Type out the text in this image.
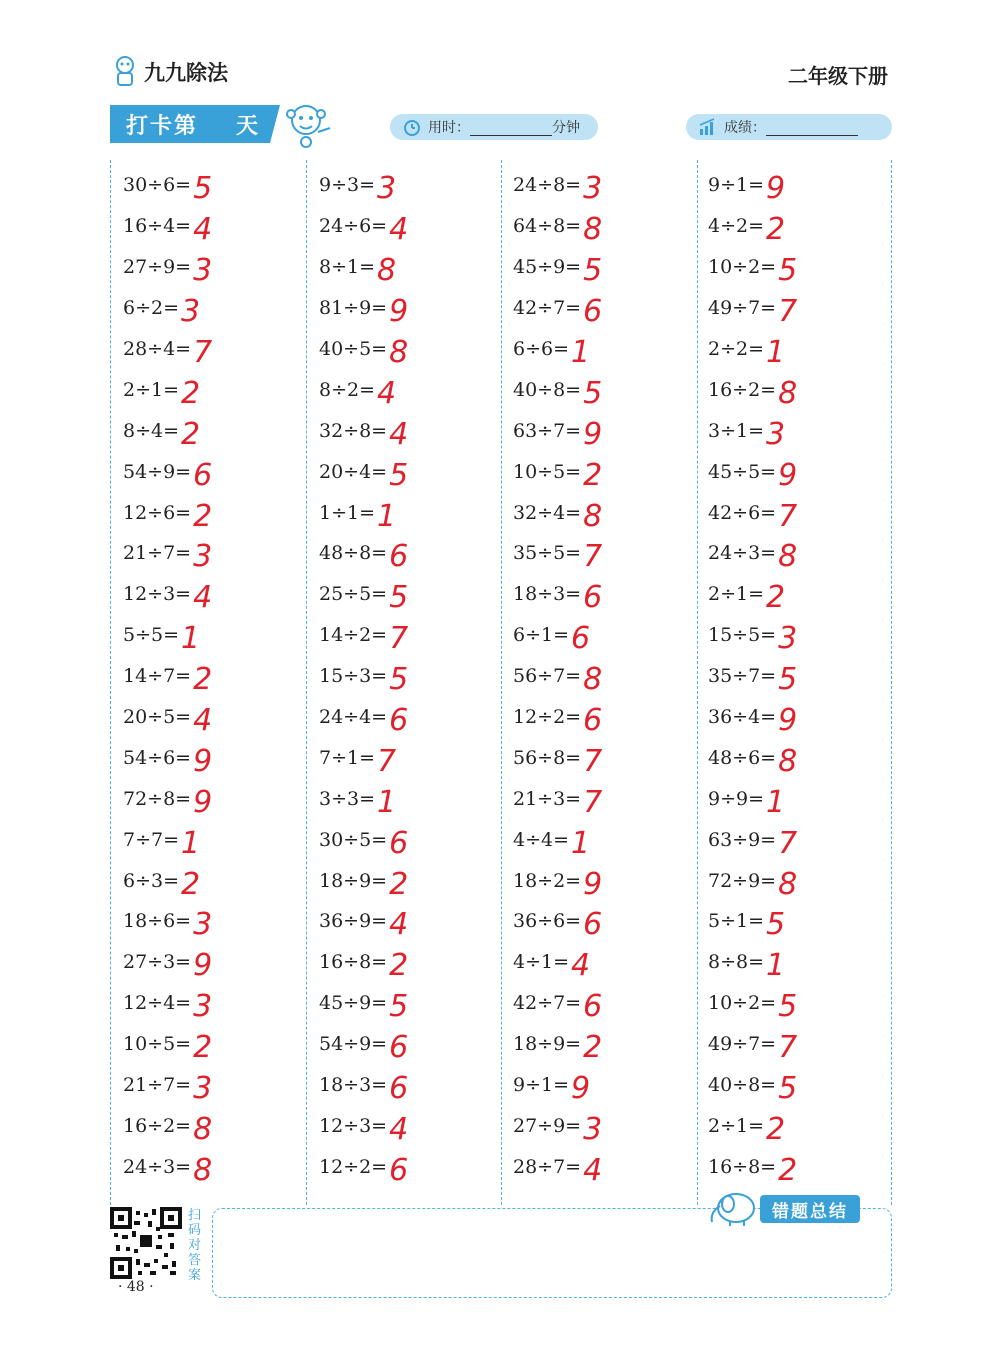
九九除法	二年级下册
打卡第 天	用时：	分钟	成绩：
30÷6= 5
16÷4= 4
27÷9= 3
6÷2= 3
28÷4= 7
2÷1= 2
8÷4= 2
54÷9= 6
12÷6= 2
21÷7= 3
12÷3= 4
5÷5= 1
14÷7= 2
20÷5= 4
54÷6= 9
72÷8= 9
7÷7= 1
6÷3= 2
18÷6= 3
27÷3= 9
12÷4= 3
10÷5= 2
21÷7= 3
16÷2= 8
24÷3= 8
9÷3= 3
24÷6= 4
8÷1= 8
81÷9= 9
40÷5= 8
8÷2= 4
32÷8= 4
20÷4= 5
1÷1= 1
48÷8= 6
25÷5= 5
14÷2= 7
15÷3= 5
24÷4= 6
7÷1= 7
3÷3= 1
30÷5= 6
18÷9= 2
36÷9= 4
16÷8= 2
45÷9= 5
54÷9= 6
18÷3= 6
12÷3= 4
12÷2= 6
24÷8= 3
64÷8= 8
45÷9= 5
42÷7= 6
6÷6= 1
40÷8= 5
63÷7= 9
10÷5= 2
32÷4= 8
35÷5= 7
18÷3= 6
6÷1= 6
56÷7= 8
12÷2= 6
56÷8= 7
21÷3= 7
4÷4= 1
18÷2= 9
36÷6= 6
4÷1= 4
42÷7= 6
18÷9= 2
9÷1= 9
27÷9= 3
28÷7= 4
9÷1= 9
4÷2= 2
10÷2= 5
49÷7= 7
2÷2= 1
16÷2= 8
3÷1= 3
45÷5= 9
42÷6= 7
24÷3= 8
2÷1= 2
15÷5= 3
35÷7= 5
36÷4= 9
48÷6= 8
9÷9= 1
63÷9= 7
72÷9= 8
5÷1= 5
8÷8= 1
10÷2= 5
49÷7= 7
40÷8= 5
2÷1= 2
16÷8= 2
扫码对答案
· 48 ·
错题总结
